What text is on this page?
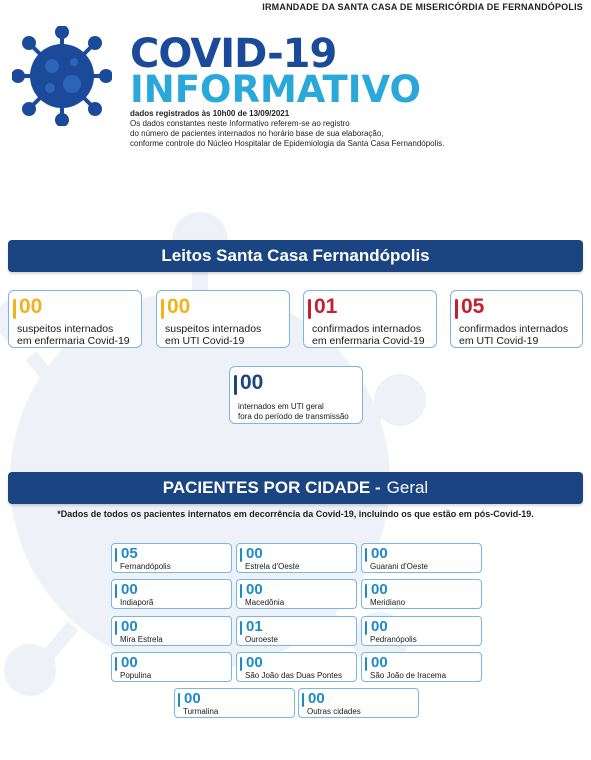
IRMANDADE DA SANTA CASA DE MISERICÓRDIA DE FERNANDÓPOLIS
COVID-19
INFORMATIVO
dados registrados às 10h00 de 13/09/2021
Os dados constantes neste Informativo referem-se ao registro
do número de pacientes internados no horário base de sua elaboração,
conforme controle do Núcleo Hospitalar de Epidemiologia da Santa Casa Fernandópolis.
Leitos Santa Casa Fernandópolis
00
suspeitos internados
em enfermaria Covid-19
00
suspeitos internados
em UTI Covid-19
01
confirmados internados
em enfermaria Covid-19
05
confirmados internados
em UTI Covid-19
00
internados em UTI geral
fora do período de transmissão
PACIENTES POR CIDADE - Geral
*Dados de todos os pacientes internatos em decorrência da Covid-19, incluindo os que estão em pós-Covid-19.
05
Fernandópolis
00
Estrela d'Oeste
00
Guarani d'Oeste
00
Indiaporã
00
Macedônia
00
Meridiano
00
Mira Estrela
01
Ouroeste
00
Pedranópolis
00
Populina
00
São João das Duas Pontes
00
São João de Iracema
00
Turmalina
00
Outras cidades
